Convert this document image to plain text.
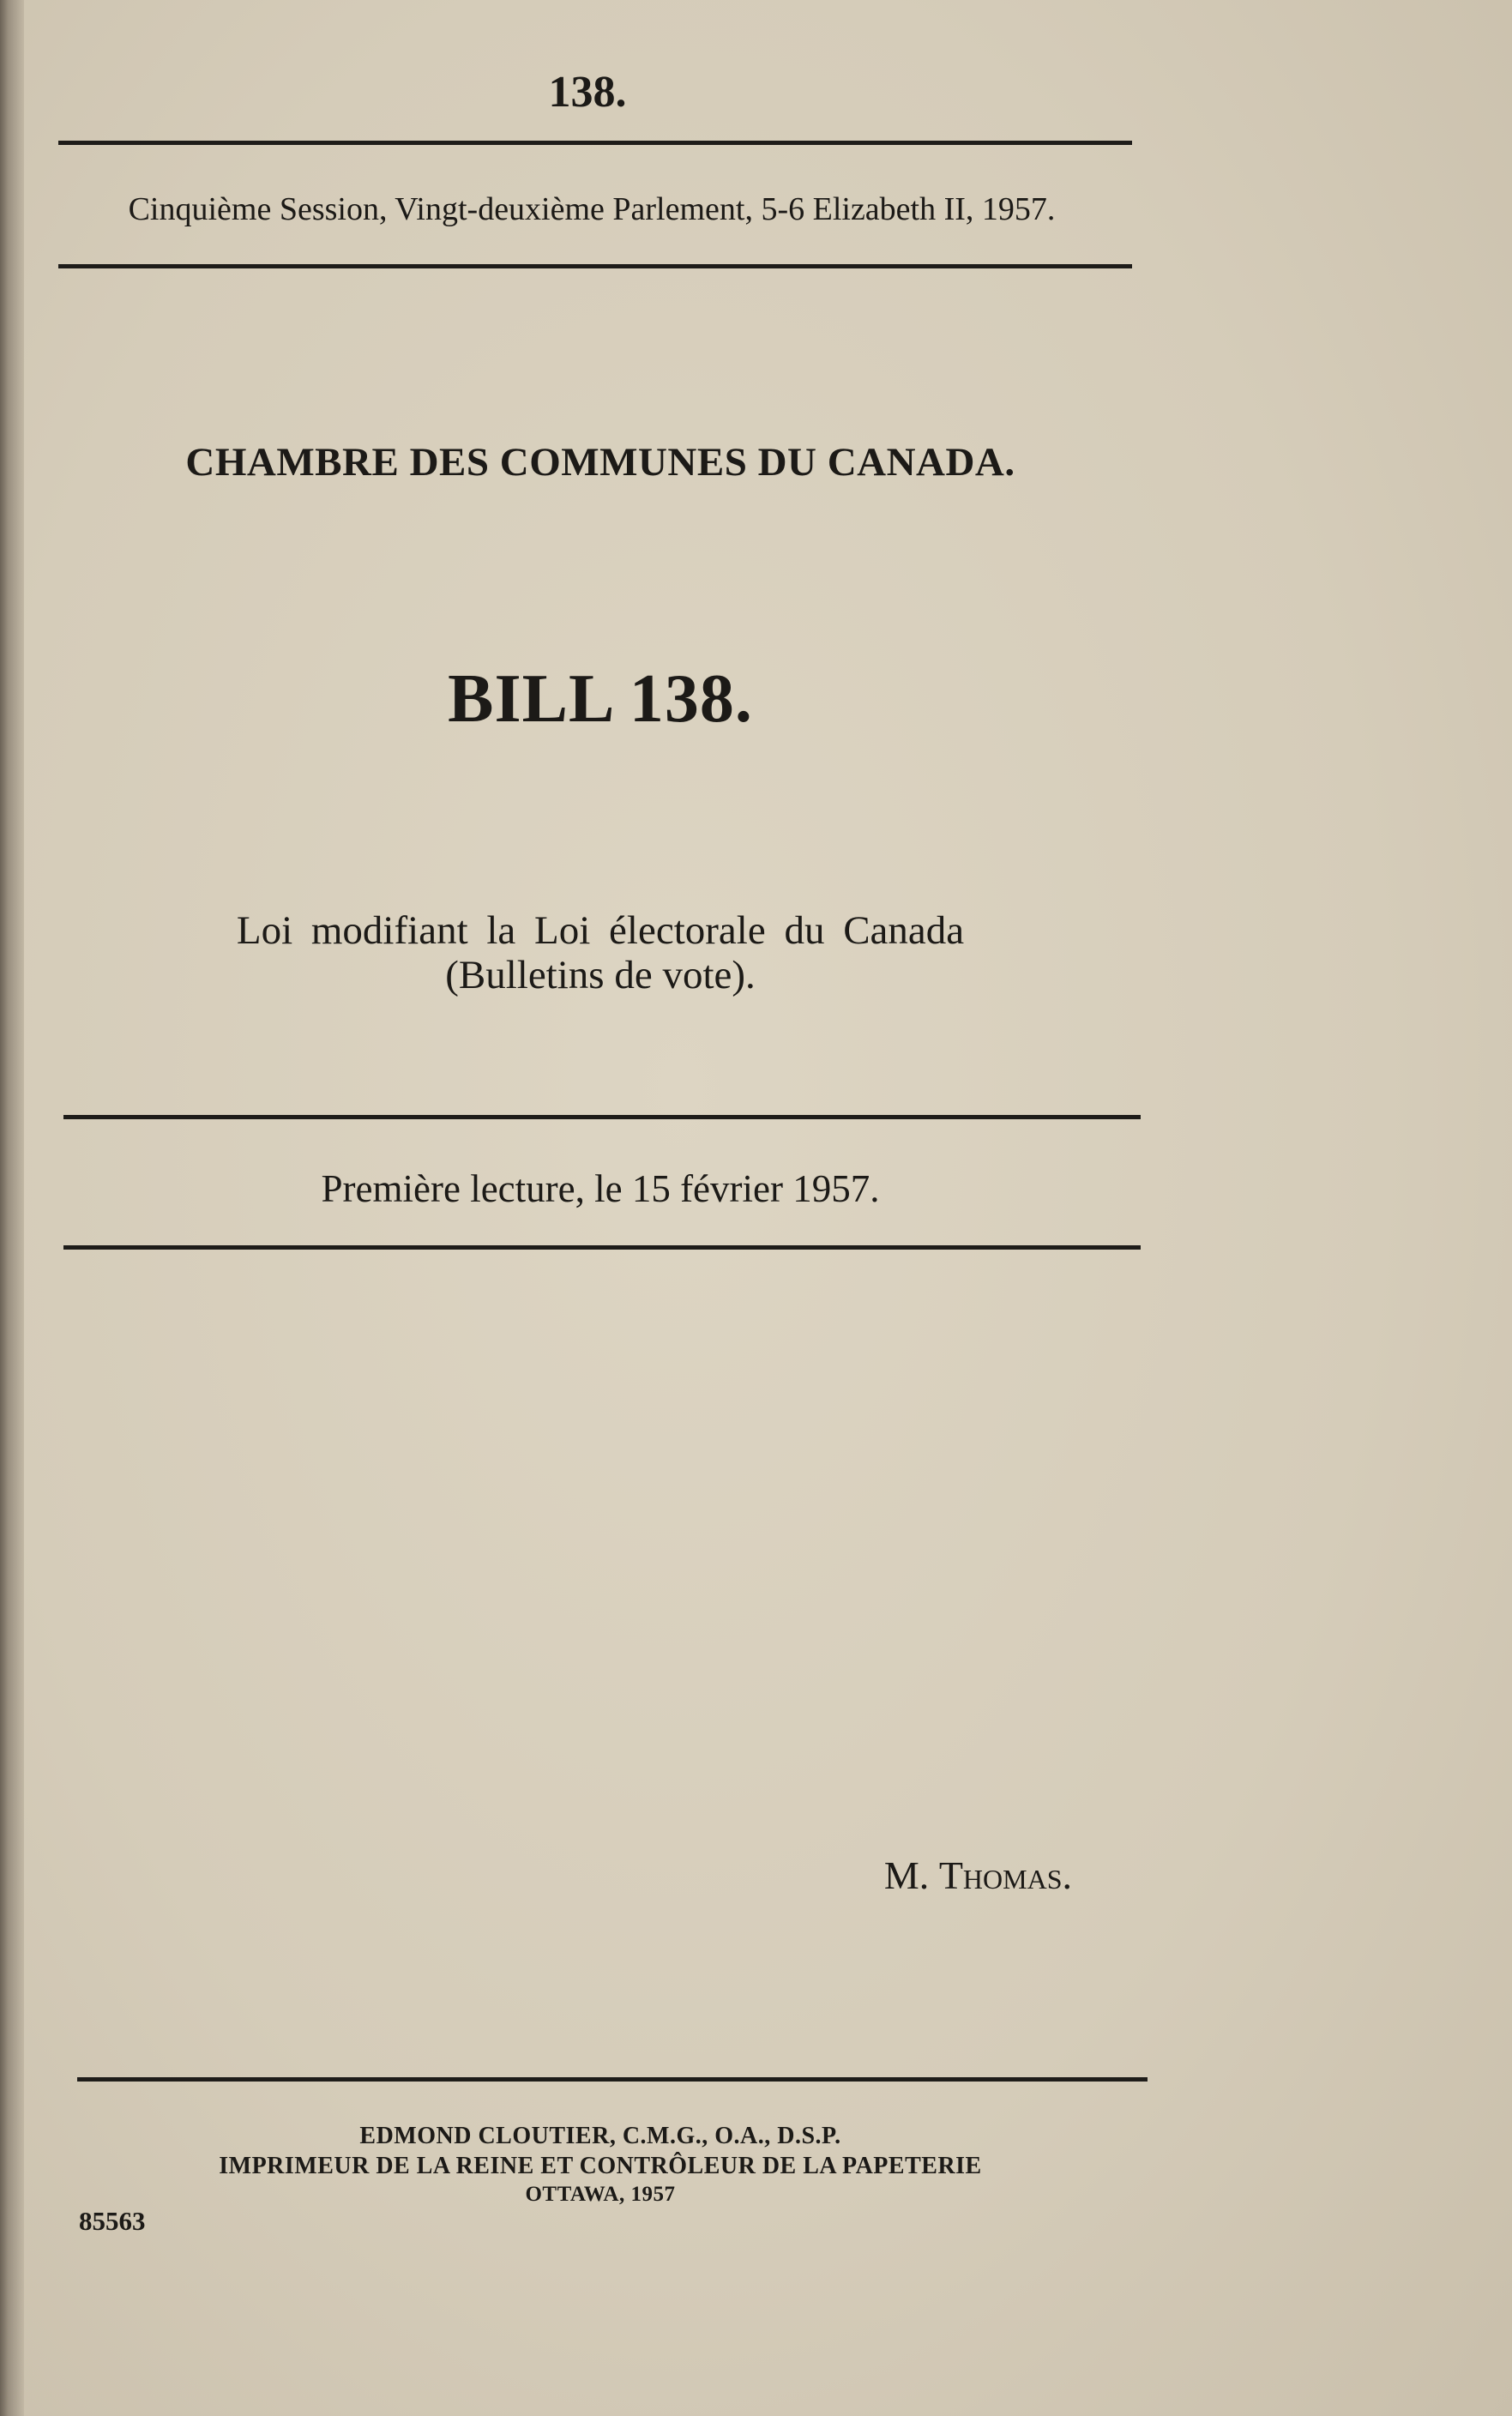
138.
Cinquième Session, Vingt-deuxième Parlement, 5-6 Elizabeth II, 1957.
CHAMBRE DES COMMUNES DU CANADA.
BILL 138.
Loi modifiant la Loi électorale du Canada
(Bulletins de vote).
Première lecture, le 15 février 1957.
M. Thomas.
EDMOND CLOUTIER, C.M.G., O.A., D.S.P.
IMPRIMEUR DE LA REINE ET CONTRÔLEUR DE LA PAPETERIE
OTTAWA, 1957
85563
